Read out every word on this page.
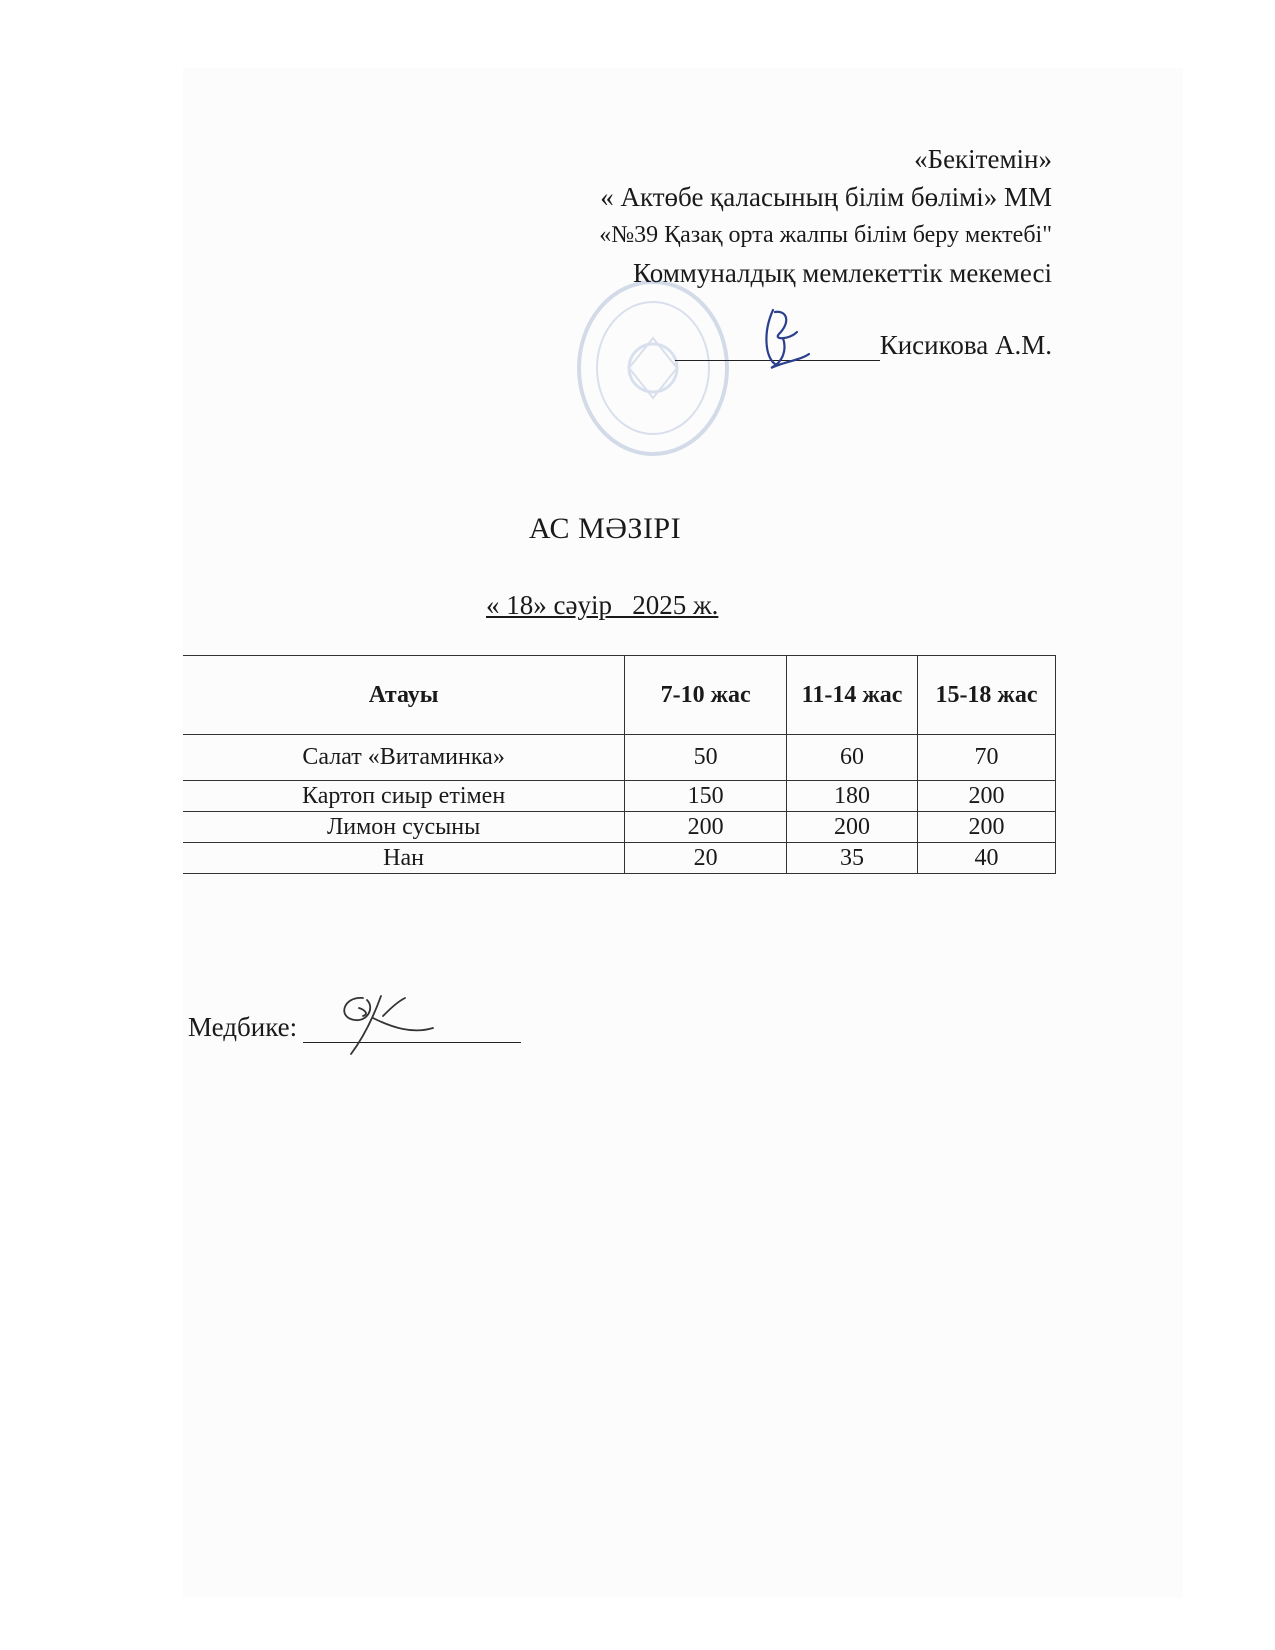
«Бекітемін»
« Актөбе қаласының білім бөлімі» ММ
«№39 Қазақ орта жалпы білім беру мектебі"
Коммуналдық мемлекеттік мекемесі
Кисикова А.М.
АС МӘЗІРІ
« 18» сәуір   2025 ж.
Атауы	7-10 жас	11-14 жас	15-18 жас
Салат «Витаминка»	50	60	70
Картоп сиыр етімен	150	180	200
Лимон сусыны	200	200	200
Нан	20	35	40
Медбике:
